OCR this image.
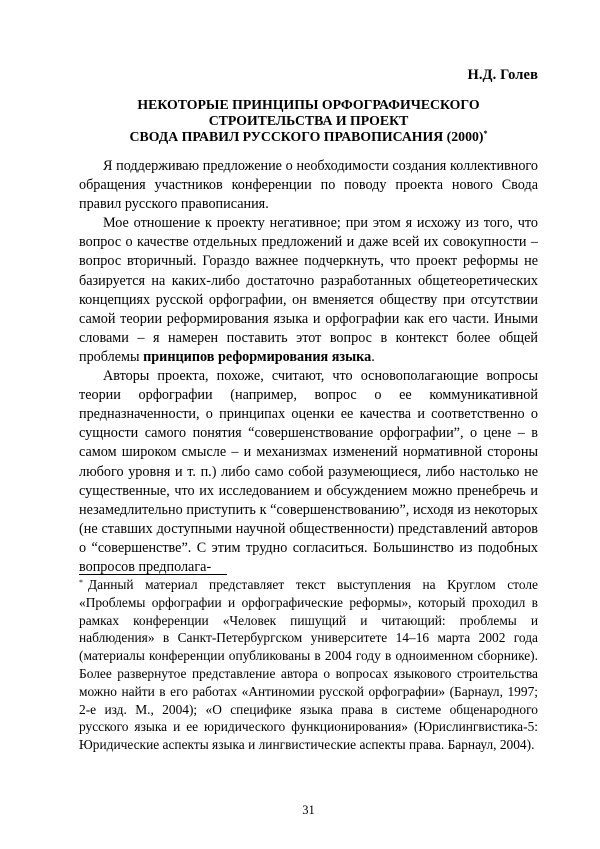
Н.Д. Голев
НЕКОТОРЫЕ ПРИНЦИПЫ ОРФОГРАФИЧЕСКОГО
СТРОИТЕЛЬСТВА И ПРОЕКТ
СВОДА ПРАВИЛ РУССКОГО ПРАВОПИСАНИЯ (2000)*

Я поддерживаю предложение о необходимости создания коллективного обращения участников конференции по поводу проекта нового Свода правил русского правописания.

Мое отношение к проекту негативное; при этом я исхожу из того, что вопрос о качестве отдельных предложений и даже всей их совокупности – вопрос вторичный. Гораздо важнее подчеркнуть, что проект реформы не базируется на каких-либо достаточно разработанных общетеоретических концепциях русской орфографии, он вменяется обществу при отсутствии самой теории реформирования языка и орфографии как его части. Иными словами – я намерен поставить этот вопрос в контекст более общей проблемы принципов реформирования языка.

Авторы проекта, похоже, считают, что основополагающие вопросы теории орфографии (например, вопрос о ее коммуникативной предназначенности, о принципах оценки ее качества и соответственно о сущности самого понятия “совершенствование орфографии”, о цене – в самом широком смысле – и механизмах изменений нормативной стороны любого уровня и т. п.) либо само собой разумеющиеся, либо настолько не существенные, что их исследованием и обсуждением можно пренебречь и незамедлительно приступить к “совершенствованию”, исходя из некоторых (не ставших доступными научной общественности) представлений авторов о “совершенстве”. С этим трудно согласиться. Большинство из подобных вопросов предполага-

* Данный материал представляет текст выступления на Круглом столе «Проблемы орфографии и орфографические реформы», который проходил в рамках конференции «Человек пишущий и читающий: проблемы и наблюдения» в Санкт-Петербургском университете 14–16 марта 2002 года (материалы конференции опубликованы в 2004 году в одноименном сборнике). Более развернутое представление автора о вопросах языкового строительства можно найти в его работах «Антиномии русской орфографии» (Барнаул, 1997; 2-е изд. М., 2004); «О специфике языка права в системе общенародного русского языка и ее юридического функционирования» (Юрислингвистика-5: Юридические аспекты языка и лингвистические аспекты права. Барнаул, 2004).
31
